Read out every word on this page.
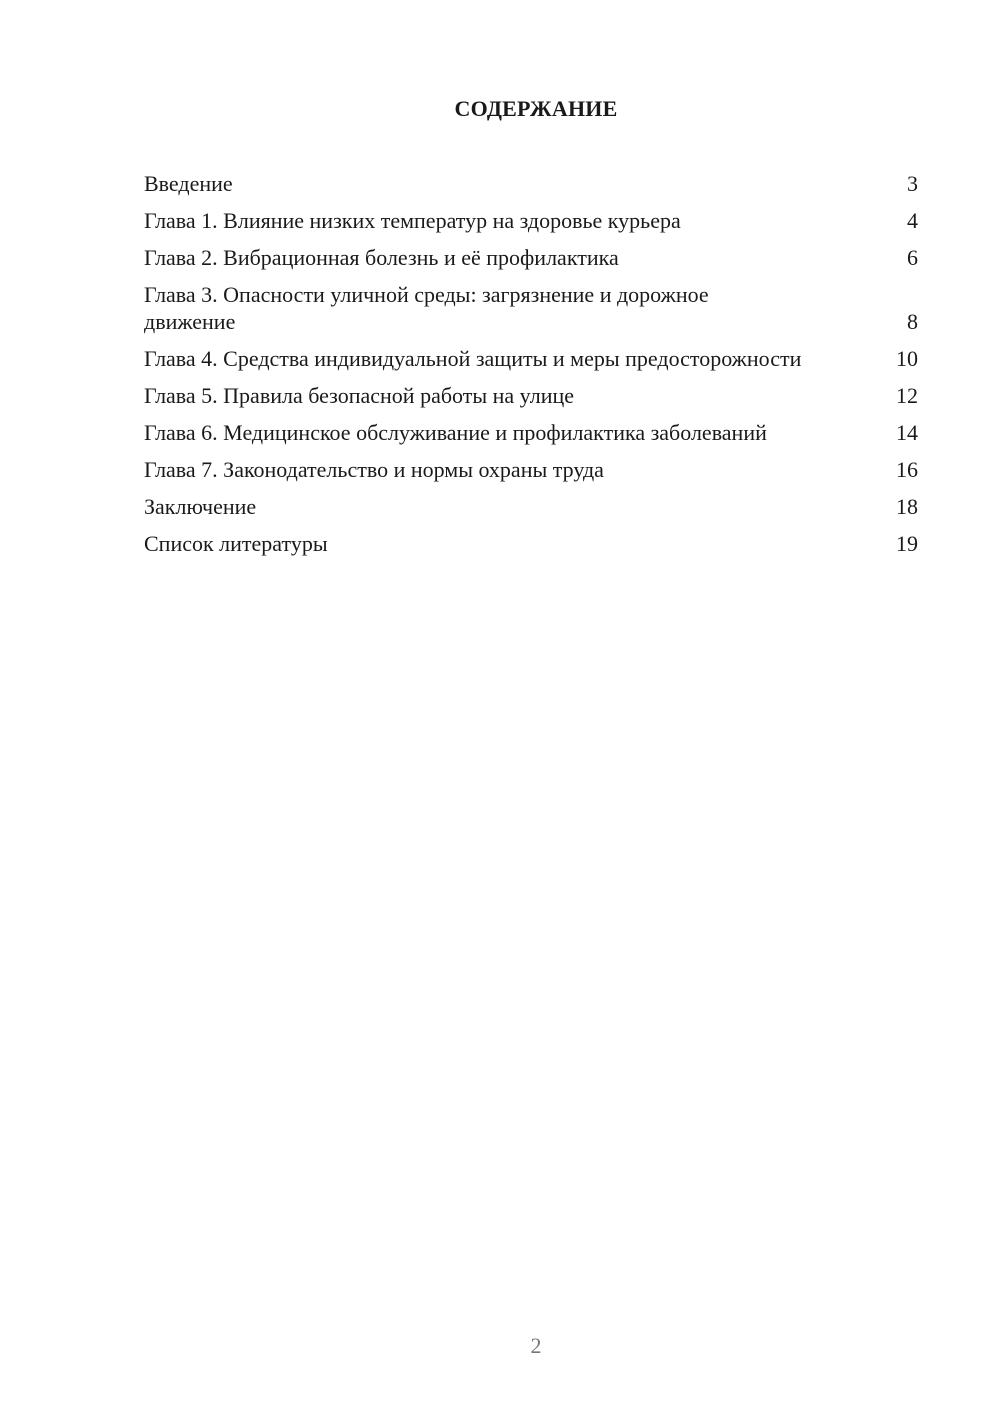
СОДЕРЖАНИЕ
Введение	3
Глава 1. Влияние низких температур на здоровье курьера	4
Глава 2. Вибрационная болезнь и её профилактика	6
Глава 3. Опасности уличной среды: загрязнение и дорожное движение	8
Глава 4. Средства индивидуальной защиты и меры предосторожности	10
Глава 5. Правила безопасной работы на улице	12
Глава 6. Медицинское обслуживание и профилактика заболеваний	14
Глава 7. Законодательство и нормы охраны труда	16
Заключение	18
Список литературы	19
2
